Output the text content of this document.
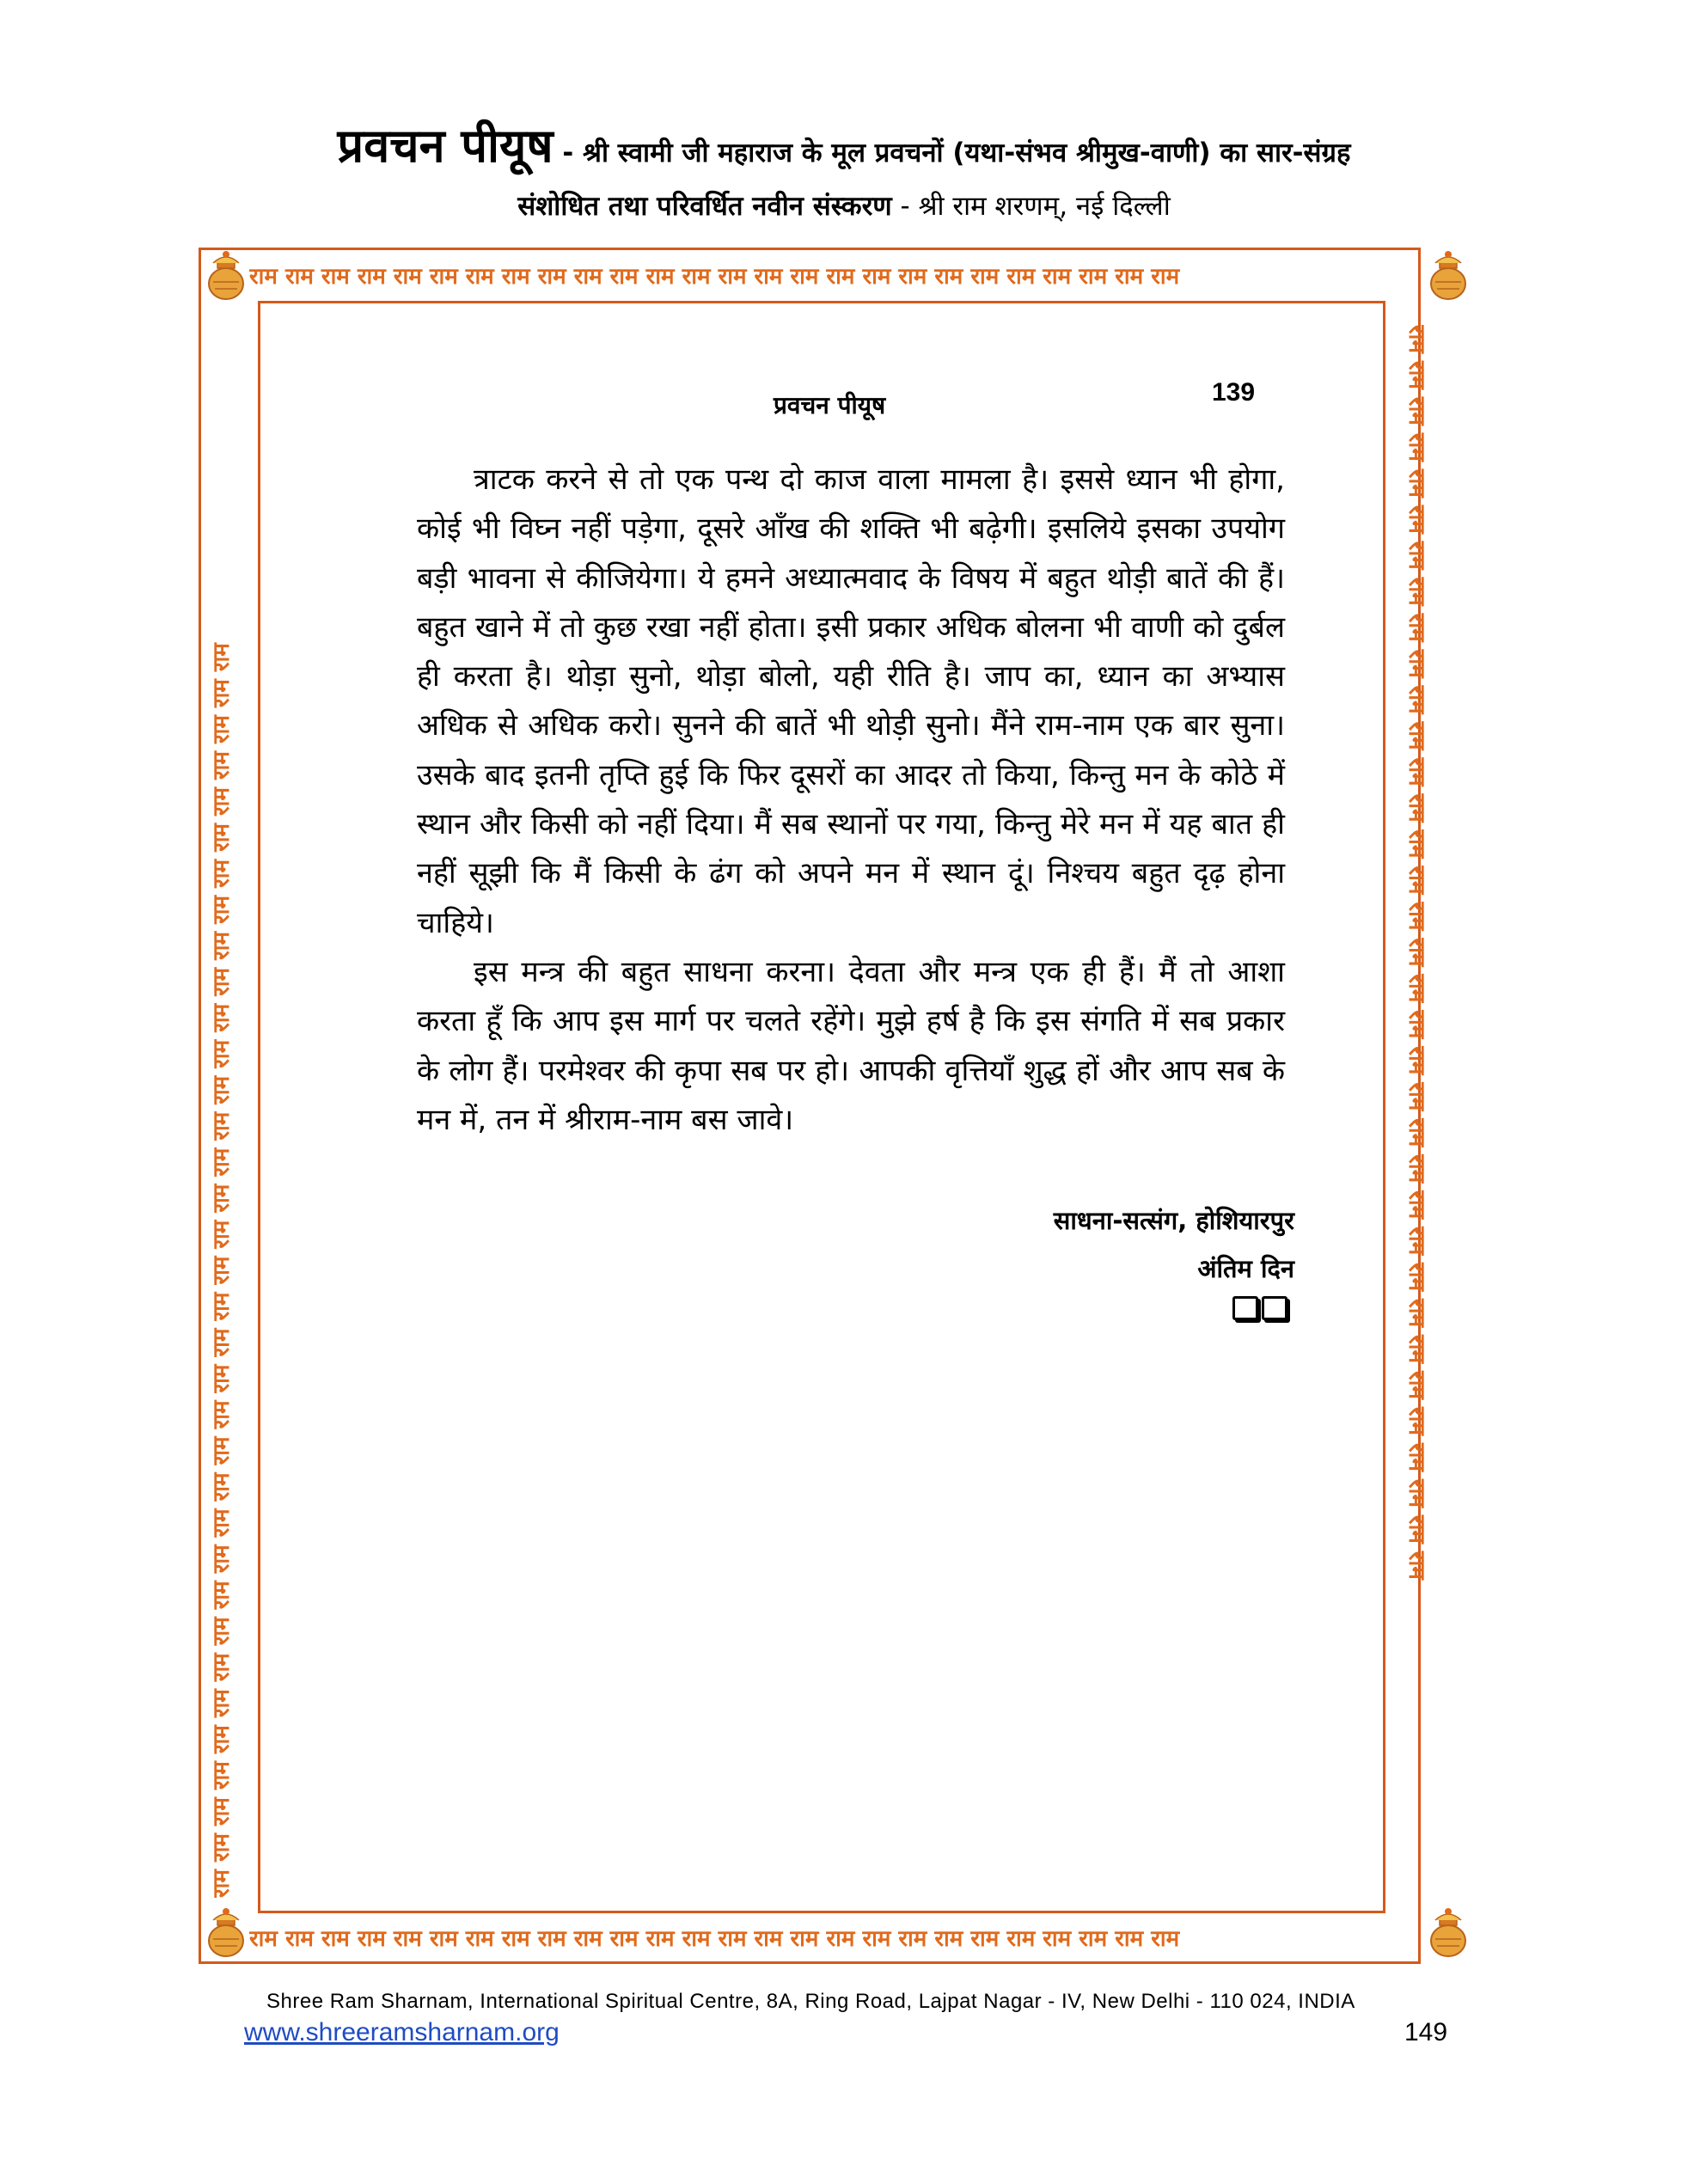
प्रवचन पीयूष - श्री स्वामी जी महाराज के मूल प्रवचनों (यथा-संभव श्रीमुख-वाणी) का सार-संग्रह
संशोधित तथा परिवर्धित नवीन संस्करण - श्री राम शरणम्, नई दिल्ली
राम राम राम राम राम राम राम राम राम राम राम राम राम राम राम राम राम राम राम राम राम राम राम राम राम राम
राम राम राम राम राम राम राम राम राम राम राम राम राम राम राम राम राम राम राम राम राम राम राम राम राम राम
राम राम राम राम राम राम राम राम राम राम राम राम राम राम राम राम राम राम राम राम राम राम राम राम राम राम राम राम राम राम राम राम राम राम राम	राम राम राम राम राम राम राम राम राम राम राम राम राम राम राम राम राम राम राम राम राम राम राम राम राम राम राम राम राम राम राम राम राम राम राम
प्रवचन पीयूष	139

त्राटक करने से तो एक पन्थ दो काज वाला मामला है। इससे ध्यान भी होगा, कोई भी विघ्न नहीं पड़ेगा, दूसरे आँख की शक्ति भी बढ़ेगी। इसलिये इसका उपयोग बड़ी भावना से कीजियेगा। ये हमने अध्यात्मवाद के विषय में बहुत थोड़ी बातें की हैं। बहुत खाने में तो कुछ रखा नहीं होता। इसी प्रकार अधिक बोलना भी वाणी को दुर्बल ही करता है। थोड़ा सुनो, थोड़ा बोलो, यही रीति है। जाप का, ध्यान का अभ्यास अधिक से अधिक करो। सुनने की बातें भी थोड़ी सुनो। मैंने राम-नाम एक बार सुना। उसके बाद इतनी तृप्ति हुई कि फिर दूसरों का आदर तो किया, किन्तु मन के कोठे में स्थान और किसी को नहीं दिया। मैं सब स्थानों पर गया, किन्तु मेरे मन में यह बात ही नहीं सूझी कि मैं किसी के ढंग को अपने मन में स्थान दूं। निश्चय बहुत दृढ़ होना चाहिये।

इस मन्त्र की बहुत साधना करना। देवता और मन्त्र एक ही हैं। मैं तो आशा करता हूँ कि आप इस मार्ग पर चलते रहेंगे। मुझे हर्ष है कि इस संगति में सब प्रकार के लोग हैं। परमेश्वर की कृपा सब पर हो। आपकी वृत्तियाँ शुद्ध हों और आप सब के मन में, तन में श्रीराम-नाम बस जावे।

साधना-सत्संग, होशियारपुर
अंतिम दिन
Shree Ram Sharnam, International Spiritual Centre, 8A, Ring Road, Lajpat Nagar - IV, New Delhi - 110 024, INDIA
www.shreeramsharnam.org	149
